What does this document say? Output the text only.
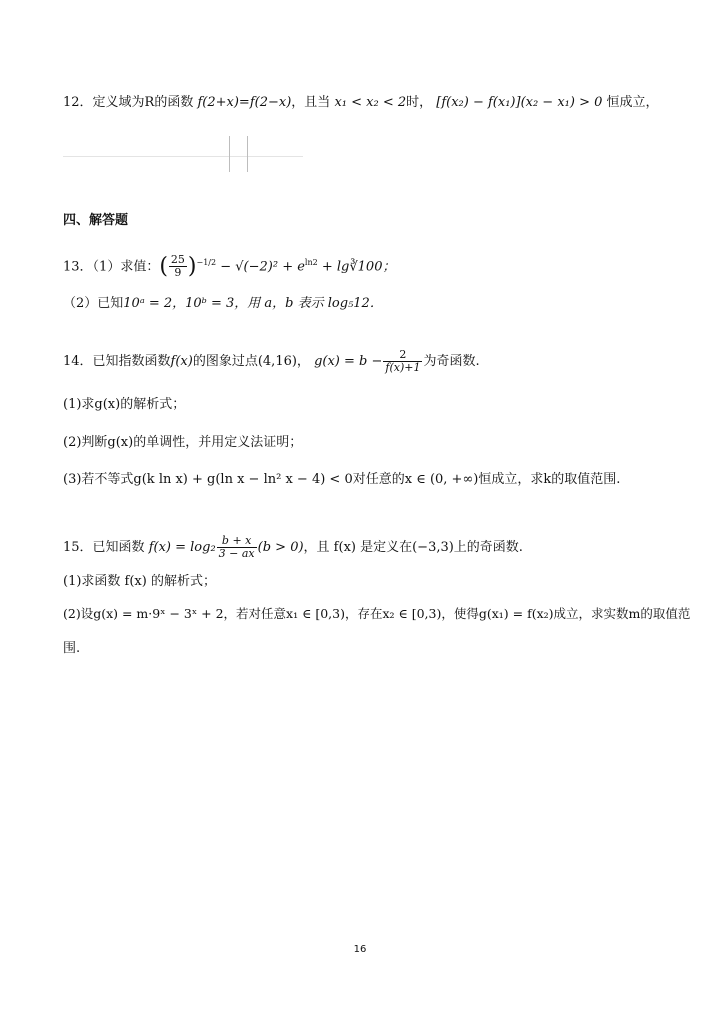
12．定义域为R的函数 f(2+x)=f(2−x)，且当 x₁ < x₂ < 2时， [f(x₂) − f(x₁)](x₂ − x₁) > 0 恒成立，
四、解答题
13．（1）求值：( $\frac{25}{9} )^{-1/2} - √(-2)^2 + e^{ln2}$ + lg∛100；
（2）已知10ᵃ = 2，10ᵇ = 3，用 a，b 表示 log₅12．
14．已知指数函数f(x)的图象过点(4,16)， $g(x) = b - \frac{2}{f(x)+1}$ 为奇函数.
(1)求g(x)的解析式；
(2)判断g(x)的单调性，并用定义法证明；
(3)若不等式g(k ln x) + g(ln x − ln² x − 4) < 0对任意的x ∈ (0, +∞)恒成立，求k的取值范围.
15．已知函数 $f(x) = \log_2 \frac{b + x}{3 - ax} (b > 0)$，且 f(x) 是定义在(−3,3)上的奇函数.
(1)求函数 f(x) 的解析式；
(2)设g(x) = m·9ˣ − 3ˣ + 2，若对任意x₁ ∈ [0,3)，存在x₂ ∈ [0,3)，使得g(x₁) = f(x₂)成立，求实数m的取值范
围.
16
